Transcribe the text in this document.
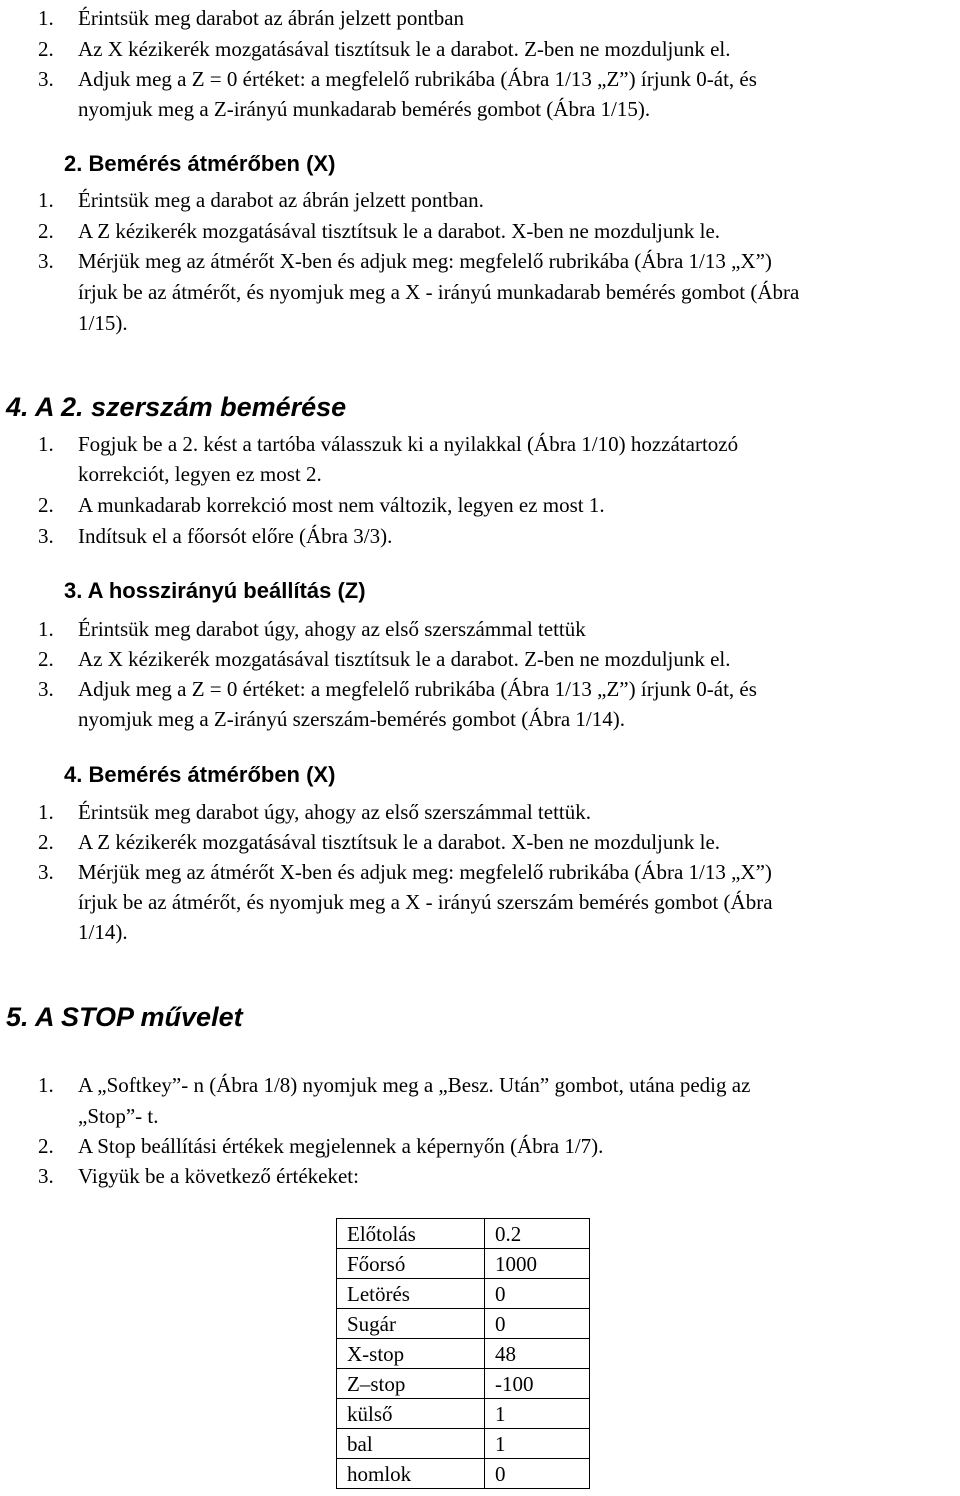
1. Érintsük meg darabot az ábrán jelzett pontban
2. Az X kézikerék mozgatásával tisztítsuk le a darabot. Z-ben ne mozduljunk el.
3. Adjuk meg a Z = 0 értéket: a megfelelő rubrikába (Ábra 1/13 „Z”) írjunk 0-át, és
nyomjuk meg a Z-irányú munkadarab bemérés gombot (Ábra 1/15).
2. Bemérés átmérőben (X)
1. Érintsük meg a darabot az ábrán jelzett pontban.
2. A Z kézikerék mozgatásával tisztítsuk le a darabot. X-ben ne mozduljunk le.
3. Mérjük meg az átmérőt X-ben és adjuk meg: megfelelő rubrikába (Ábra 1/13 „X”)
írjuk be az átmérőt, és nyomjuk meg a X - irányú munkadarab bemérés gombot (Ábra
1/15).
4. A 2. szerszám bemérése
1. Fogjuk be a 2. kést a tartóba válasszuk ki a nyilakkal (Ábra 1/10) hozzátartozó
korrekciót, legyen ez most 2.
2. A munkadarab korrekció most nem változik, legyen ez most 1.
3. Indítsuk el a főorsót előre (Ábra 3/3).
3. A hosszirányú beállítás (Z)
1. Érintsük meg darabot úgy, ahogy az első szerszámmal tettük
2. Az X kézikerék mozgatásával tisztítsuk le a darabot. Z-ben ne mozduljunk el.
3. Adjuk meg a Z = 0 értéket: a megfelelő rubrikába (Ábra 1/13 „Z”) írjunk 0-át, és
nyomjuk meg a Z-irányú szerszám-bemérés gombot (Ábra 1/14).
4. Bemérés átmérőben (X)
1. Érintsük meg darabot úgy, ahogy az első szerszámmal tettük.
2. A Z kézikerék mozgatásával tisztítsuk le a darabot. X-ben ne mozduljunk le.
3. Mérjük meg az átmérőt X-ben és adjuk meg: megfelelő rubrikába (Ábra 1/13 „X”)
írjuk be az átmérőt, és nyomjuk meg a X - irányú szerszám bemérés gombot (Ábra
1/14).
5. A STOP művelet
1. A „Softkey”- n (Ábra 1/8) nyomjuk meg a „Besz. Után” gombot, utána pedig az
„Stop”- t.
2. A Stop beállítási értékek megjelennek a képernyőn (Ábra 1/7).
3. Vigyük be a következő értékeket:
Előtolás	0.2
Főorsó	1000
Letörés	0
Sugár	0
X-stop	48
Z–stop	-100
külső	1
bal	1
homlok	0
